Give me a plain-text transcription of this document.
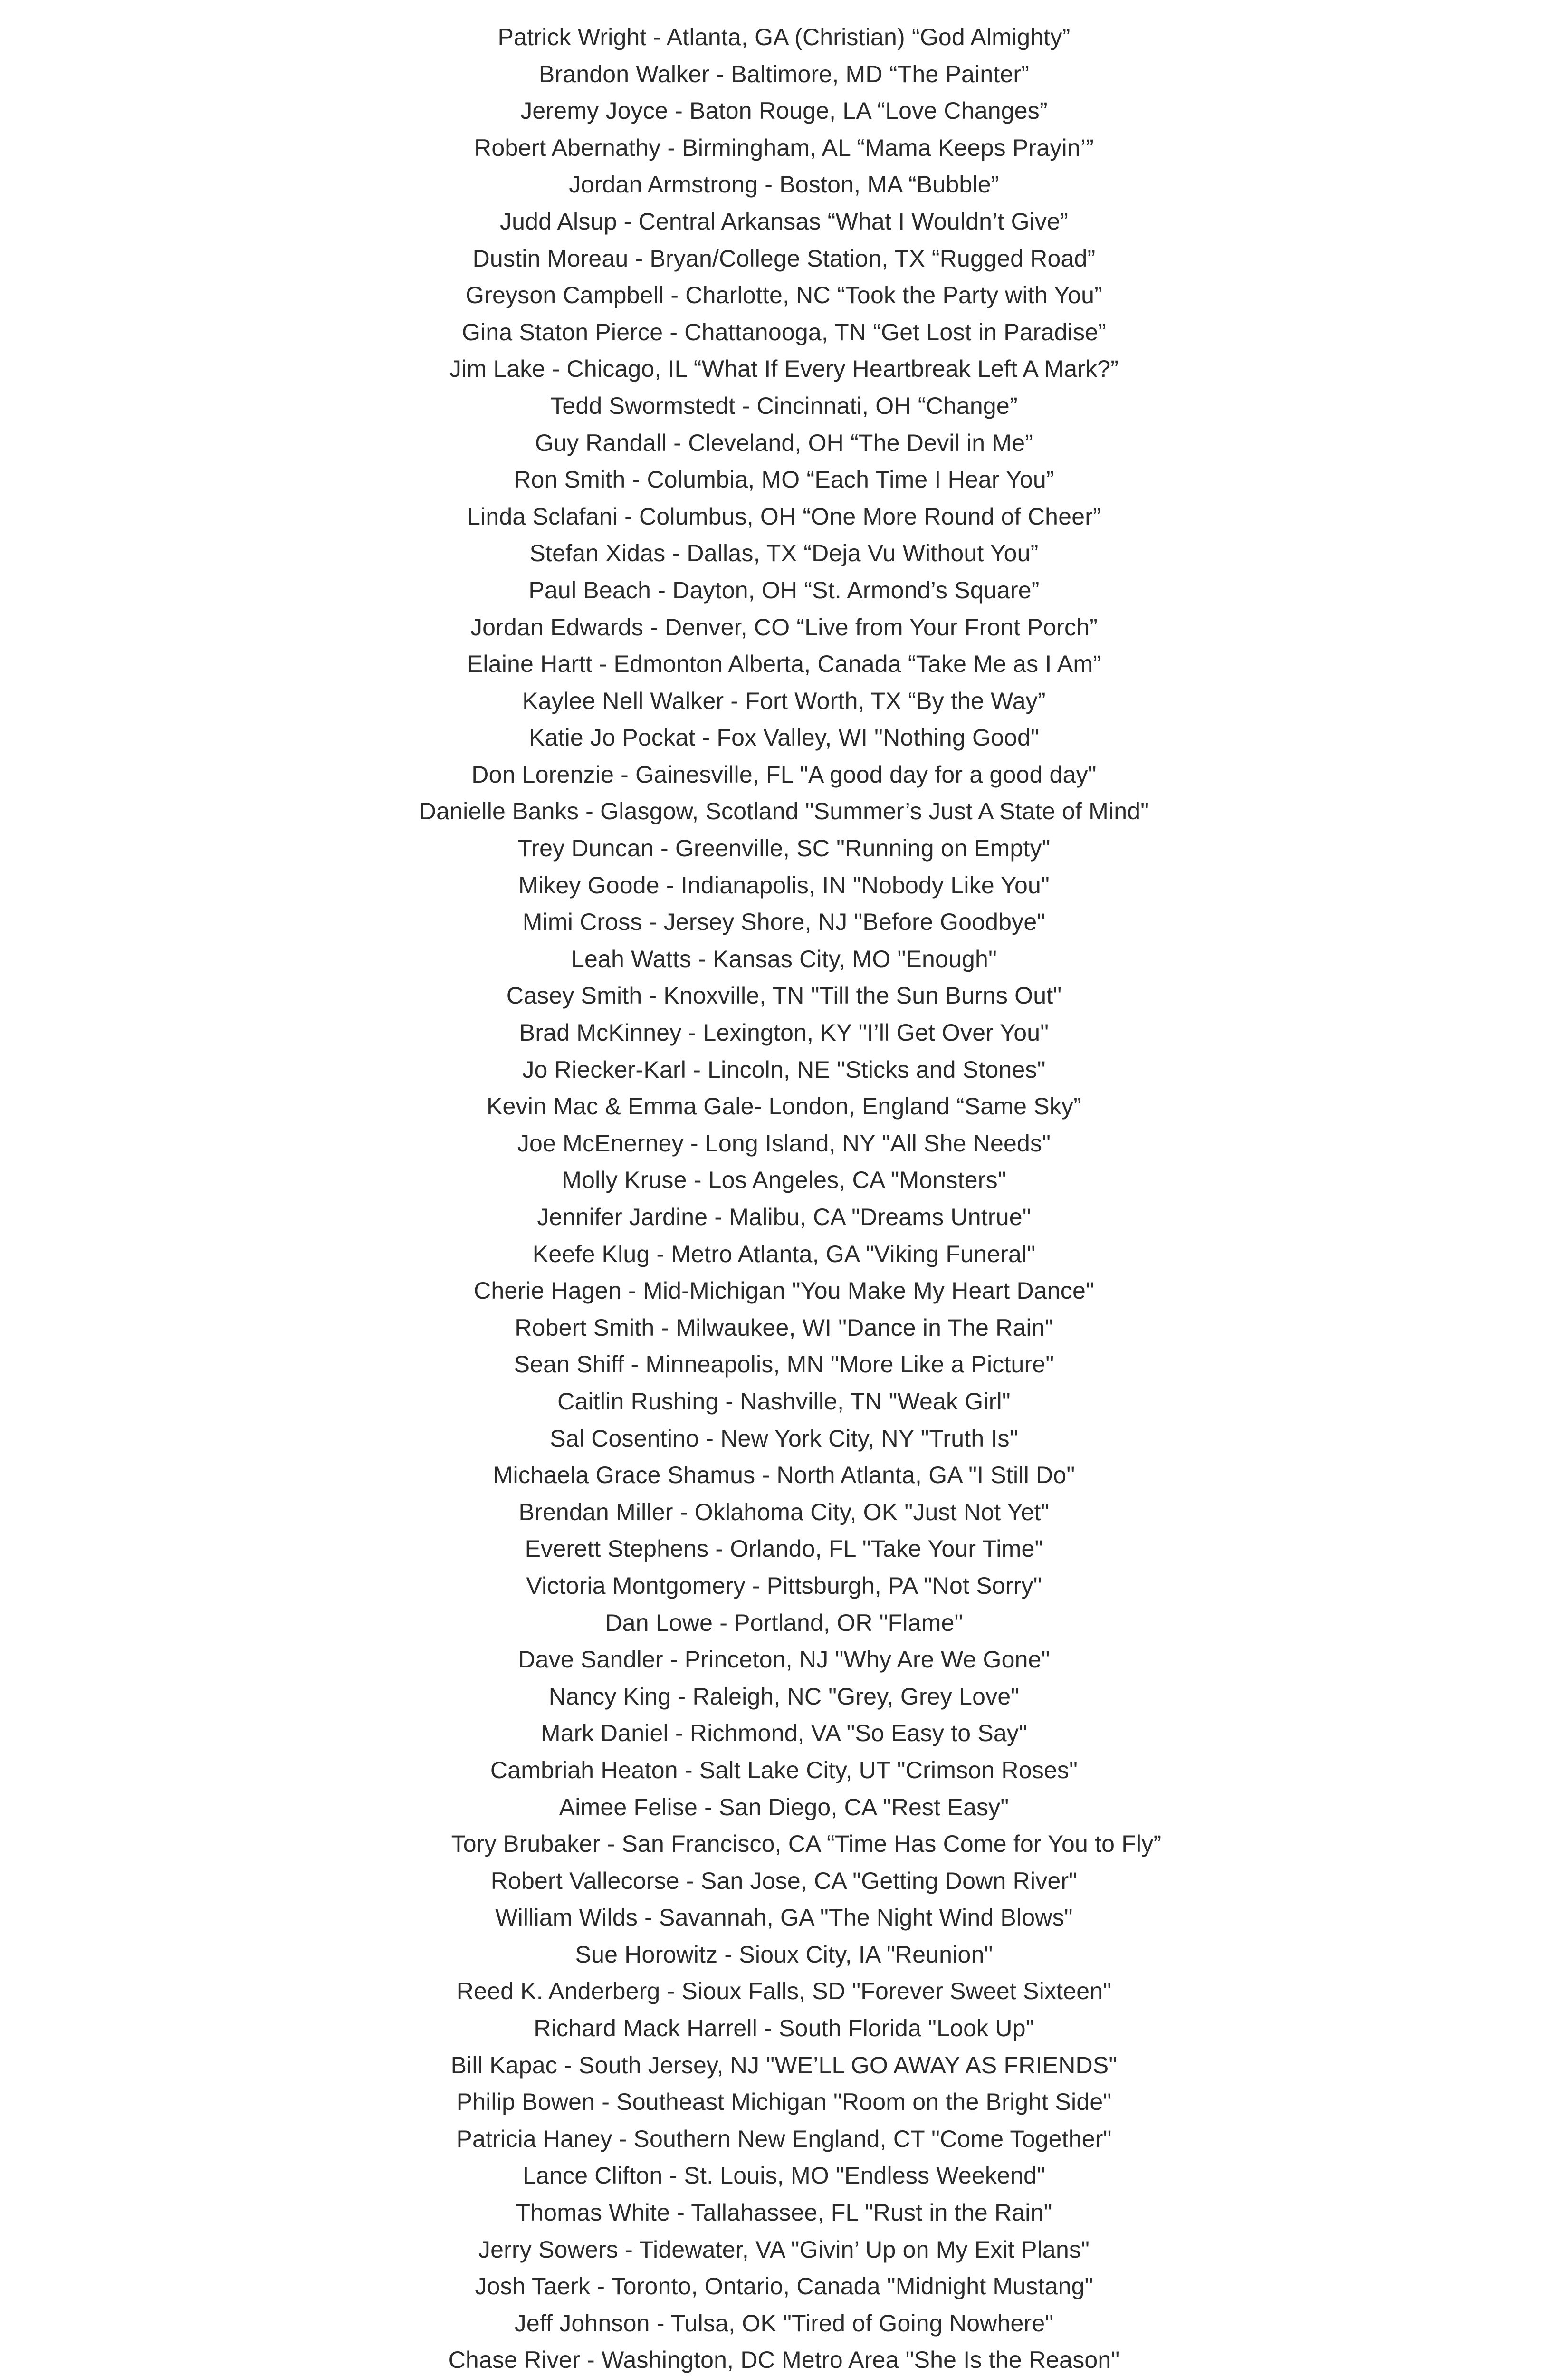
Patrick Wright - Atlanta, GA (Christian) “God Almighty”
Brandon Walker - Baltimore, MD “The Painter”
Jeremy Joyce - Baton Rouge, LA “Love Changes”
Robert Abernathy - Birmingham, AL “Mama Keeps Prayin’”
Jordan Armstrong - Boston, MA “Bubble”
Judd Alsup - Central Arkansas “What I Wouldn’t Give”
Dustin Moreau - Bryan/College Station, TX “Rugged Road”
Greyson Campbell - Charlotte, NC “Took the Party with You”
Gina Staton Pierce - Chattanooga, TN “Get Lost in Paradise”
Jim Lake - Chicago, IL “What If Every Heartbreak Left A Mark?”
Tedd Swormstedt - Cincinnati, OH “Change”
Guy Randall - Cleveland, OH “The Devil in Me”
Ron Smith - Columbia, MO “Each Time I Hear You”
Linda Sclafani - Columbus, OH “One More Round of Cheer”
Stefan Xidas - Dallas, TX “Deja Vu Without You”
Paul Beach - Dayton, OH “St. Armond’s Square”
Jordan Edwards - Denver, CO “Live from Your Front Porch”
Elaine Hartt - Edmonton Alberta, Canada “Take Me as I Am”
Kaylee Nell Walker - Fort Worth, TX “By the Way”
Katie Jo Pockat - Fox Valley, WI "Nothing Good"
Don Lorenzie - Gainesville, FL "A good day for a good day"
Danielle Banks - Glasgow, Scotland "Summer’s Just A State of Mind"
Trey Duncan - Greenville, SC "Running on Empty"
Mikey Goode - Indianapolis, IN "Nobody Like You"
Mimi Cross - Jersey Shore, NJ "Before Goodbye"
Leah Watts - Kansas City, MO "Enough"
Casey Smith - Knoxville, TN "Till the Sun Burns Out"
Brad McKinney - Lexington, KY "I’ll Get Over You"
Jo Riecker-Karl - Lincoln, NE "Sticks and Stones"
Kevin Mac & Emma Gale- London, England “Same Sky”
Joe McEnerney - Long Island, NY "All She Needs"
Molly Kruse - Los Angeles, CA "Monsters"
Jennifer Jardine - Malibu, CA "Dreams Untrue"
Keefe Klug - Metro Atlanta, GA "Viking Funeral"
Cherie Hagen - Mid-Michigan "You Make My Heart Dance"
Robert Smith - Milwaukee, WI "Dance in The Rain"
Sean Shiff - Minneapolis, MN "More Like a Picture"
Caitlin Rushing - Nashville, TN "Weak Girl"
Sal Cosentino - New York City, NY "Truth Is"
Michaela Grace Shamus - North Atlanta, GA "I Still Do"
Brendan Miller - Oklahoma City, OK "Just Not Yet"
Everett Stephens - Orlando, FL "Take Your Time"
Victoria Montgomery - Pittsburgh, PA "Not Sorry"
Dan Lowe - Portland, OR "Flame"
Dave Sandler - Princeton, NJ "Why Are We Gone"
Nancy King - Raleigh, NC "Grey, Grey Love"
Mark Daniel - Richmond, VA "So Easy to Say"
Cambriah Heaton - Salt Lake City, UT "Crimson Roses"
Aimee Felise - San Diego, CA "Rest Easy"
Tory Brubaker - San Francisco, CA “Time Has Come for You to Fly”
Robert Vallecorse - San Jose, CA "Getting Down River"
William Wilds - Savannah, GA "The Night Wind Blows"
Sue Horowitz - Sioux City, IA "Reunion"
Reed K. Anderberg - Sioux Falls, SD "Forever Sweet Sixteen"
Richard Mack Harrell - South Florida "Look Up"
Bill Kapac - South Jersey, NJ "WE’LL GO AWAY AS FRIENDS"
Philip Bowen - Southeast Michigan "Room on the Bright Side"
Patricia Haney - Southern New England, CT "Come Together"
Lance Clifton - St. Louis, MO "Endless Weekend"
Thomas White - Tallahassee, FL "Rust in the Rain"
Jerry Sowers - Tidewater, VA "Givin’ Up on My Exit Plans"
Josh Taerk - Toronto, Ontario, Canada "Midnight Mustang"
Jeff Johnson - Tulsa, OK "Tired of Going Nowhere"
Chase River - Washington, DC Metro Area "She Is the Reason"
